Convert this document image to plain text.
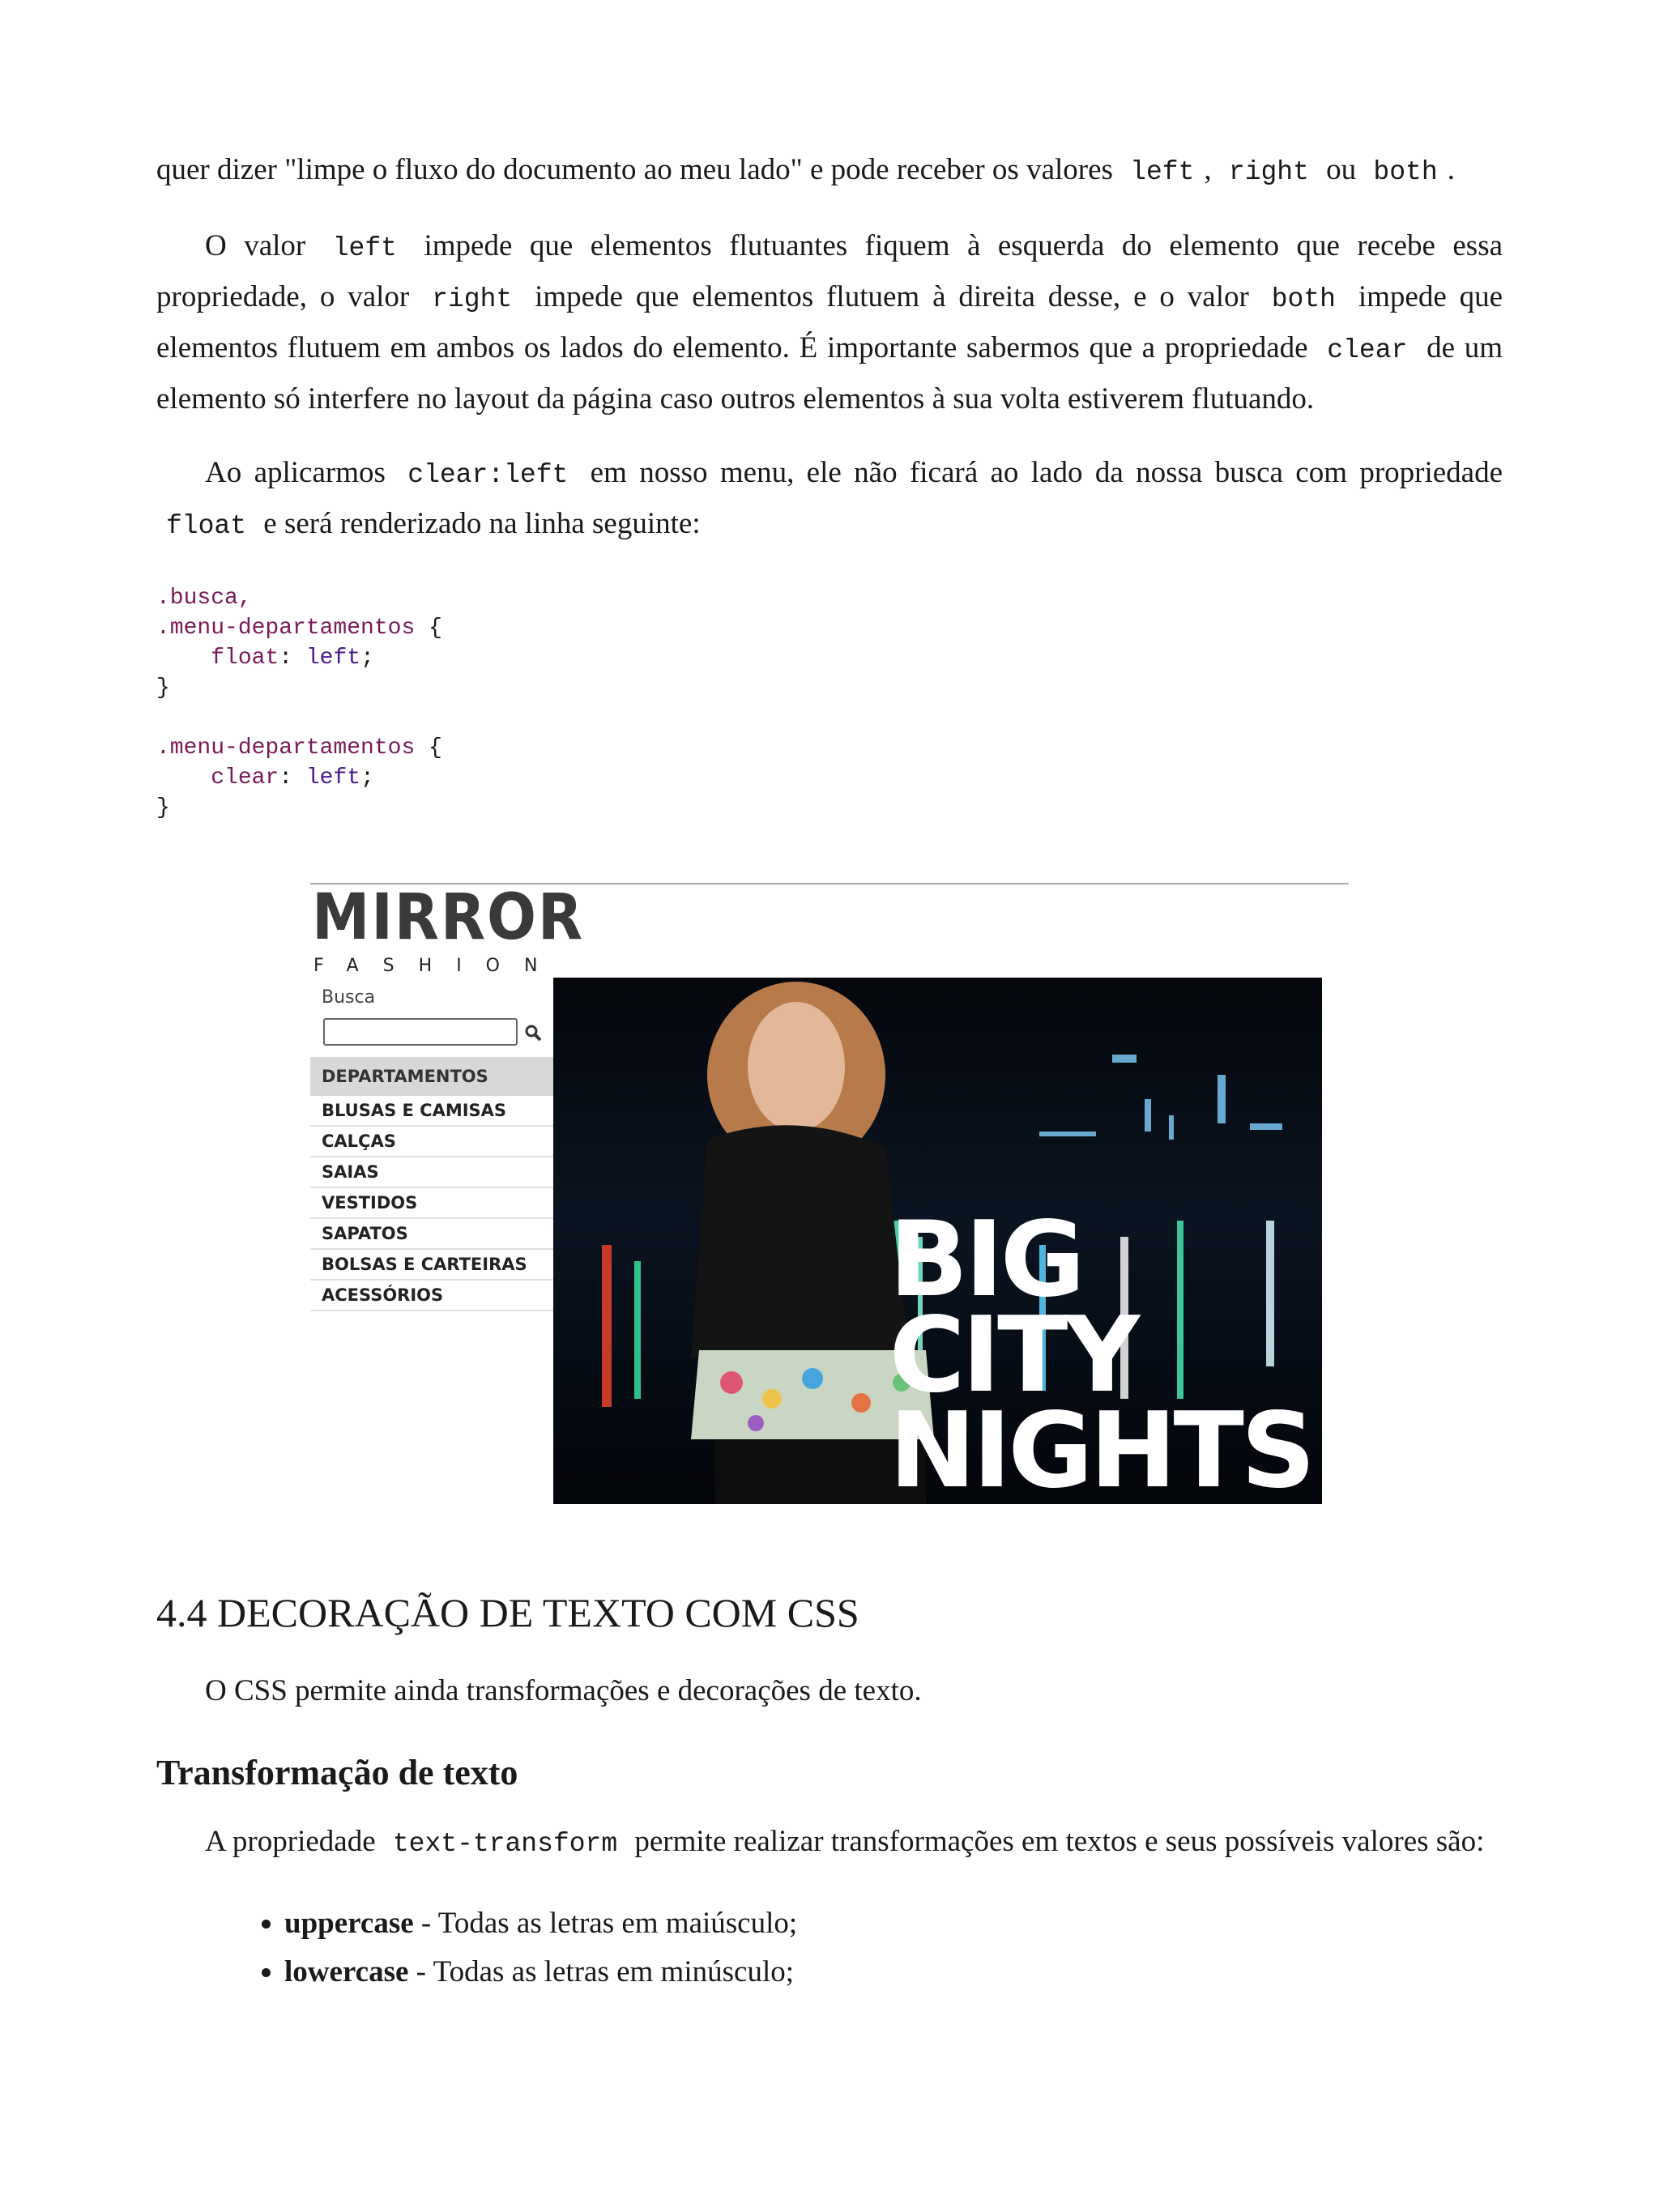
quer dizer "limpe o fluxo do documento ao meu lado" e pode receber os valores left , right ou both .

O valor left impede que elementos flutuantes fiquem à esquerda do elemento que recebe essa propriedade, o valor right impede que elementos flutuem à direita desse, e o valor both impede que elementos flutuem em ambos os lados do elemento. É importante sabermos que a propriedade clear de um elemento só interfere no layout da página caso outros elementos à sua volta estiverem flutuando.

Ao aplicarmos clear:left em nosso menu, ele não ficará ao lado da nossa busca com propriedade float e será renderizado na linha seguinte:

.busca,
.menu-departamentos {
float: left;
}

.menu-departamentos {
clear: left;
}
MIRROR
FASHION
Busca
DEPARTAMENTOS
BLUSAS E CAMISAS
CALÇAS
SAIAS
VESTIDOS
SAPATOS
BOLSAS E CARTEIRAS
ACESSÓRIOS	BIG
CITY
NIGHTS
4.4 DECORAÇÃO DE TEXTO COM CSS

O CSS permite ainda transformações e decorações de texto.

Transformação de texto

A propriedade text-transform permite realizar transformações em textos e seus possíveis valores são:

• uppercase - Todas as letras em maiúsculo;
• lowercase - Todas as letras em minúsculo;
